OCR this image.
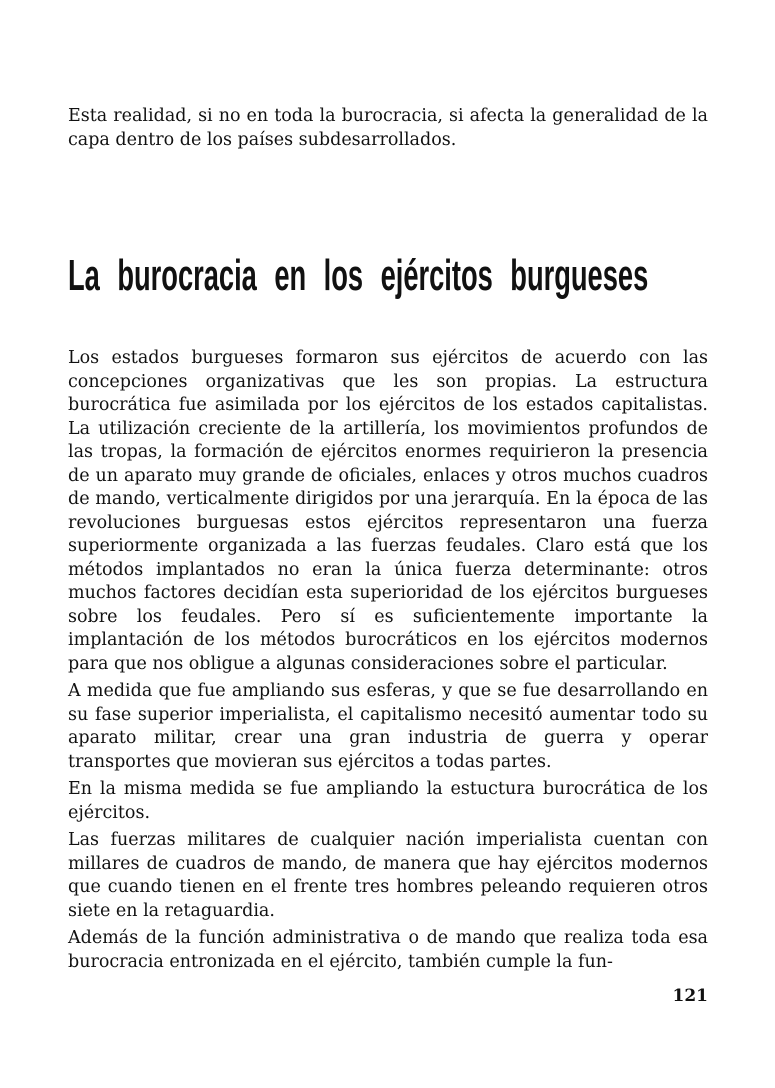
Esta realidad, si no en toda la burocracia, si afecta la generalidad de la capa dentro de los países subdesarrollados.

La burocracia en los ejércitos burgueses

Los estados burgueses formaron sus ejércitos de acuerdo con las concepciones organizativas que les son propias. La estructura burocrática fue asimilada por los ejércitos de los estados capitalistas. La utilización creciente de la artillería, los movimientos profundos de las tropas, la formación de ejércitos enormes requirieron la presencia de un aparato muy grande de oficiales, enlaces y otros muchos cuadros de mando, verticalmente dirigidos por una jerarquía. En la época de las revoluciones burguesas estos ejércitos representaron una fuerza superiormente organizada a las fuerzas feudales. Claro está que los métodos implantados no eran la única fuerza determinante: otros muchos factores decidían esta superioridad de los ejércitos burgueses sobre los feudales. Pero sí es suficientemente importante la implantación de los métodos burocráticos en los ejércitos modernos para que nos obligue a algunas consideraciones sobre el particular.

A medida que fue ampliando sus esferas, y que se fue desarrollando en su fase superior imperialista, el capitalismo necesitó aumentar todo su aparato militar, crear una gran industria de guerra y operar transportes que movieran sus ejércitos a todas partes.

En la misma medida se fue ampliando la estuctura burocrática de los ejércitos.

Las fuerzas militares de cualquier nación imperialista cuentan con millares de cuadros de mando, de manera que hay ejércitos modernos que cuando tienen en el frente tres hombres peleando requieren otros siete en la retaguardia.

Además de la función administrativa o de mando que realiza toda esa burocracia entronizada en el ejército, también cumple la fun-

121
